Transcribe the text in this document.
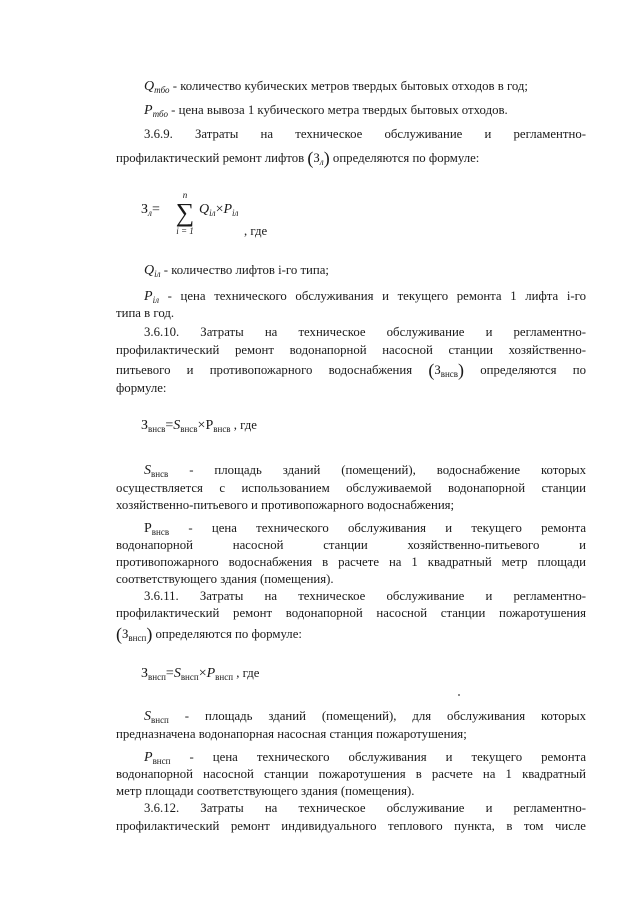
$Q_{тбо}$ - количество кубических метров твердых бытовых отходов в год;
$P_{тбо}$ - цена вывоза 1 кубического метра твердых бытовых отходов.
3.6.9. Затраты на техническое обслуживание и регламентно-
профилактический ремонт лифтов $(З_л)$ определяются по формуле:
$З_л=$
n
∑
i = 1
$Q_{iл}\times P_{iл}$
, где
$Q_{iл}$ - количество лифтов i-го типа;
$P_{iл}$ - цена технического обслуживания и текущего ремонта 1 лифта i-го
типа в год.
3.6.10. Затраты на техническое обслуживание и регламентно-
профилактический ремонт водонапорной насосной станции хозяйственно-
питьевого и противопожарного водоснабжения $(З_{внсв})$ определяются по
формуле:
$З_{внсв}=S_{внсв}\times P_{внсв}$ , где
$S_{внсв}$ - площадь зданий (помещений), водоснабжение которых
осуществляется с использованием обслуживаемой водонапорной станции
хозяйственно-питьевого и противопожарного водоснабжения;
$P_{внсв}$ - цена технического обслуживания и текущего ремонта
водонапорной насосной станции хозяйственно-питьевого и
противопожарного водоснабжения в расчете на 1 квадратный метр площади
соответствующего здания (помещения).
3.6.11. Затраты на техническое обслуживание и регламентно-
профилактический ремонт водонапорной насосной станции пожаротушения
$(З_{внсп})$ определяются по формуле:
$З_{внсп}=S_{внсп}\times P_{внсп}$ , где
$S_{внсп}$ - площадь зданий (помещений), для обслуживания которых
предназначена водонапорная насосная станция пожаротушения;
$P_{внсп}$ - цена технического обслуживания и текущего ремонта
водонапорной насосной станции пожаротушения в расчете на 1 квадратный
метр площади соответствующего здания (помещения).
3.6.12. Затраты на техническое обслуживание и регламентно-
профилактический ремонт индивидуального теплового пункта, в том числе
